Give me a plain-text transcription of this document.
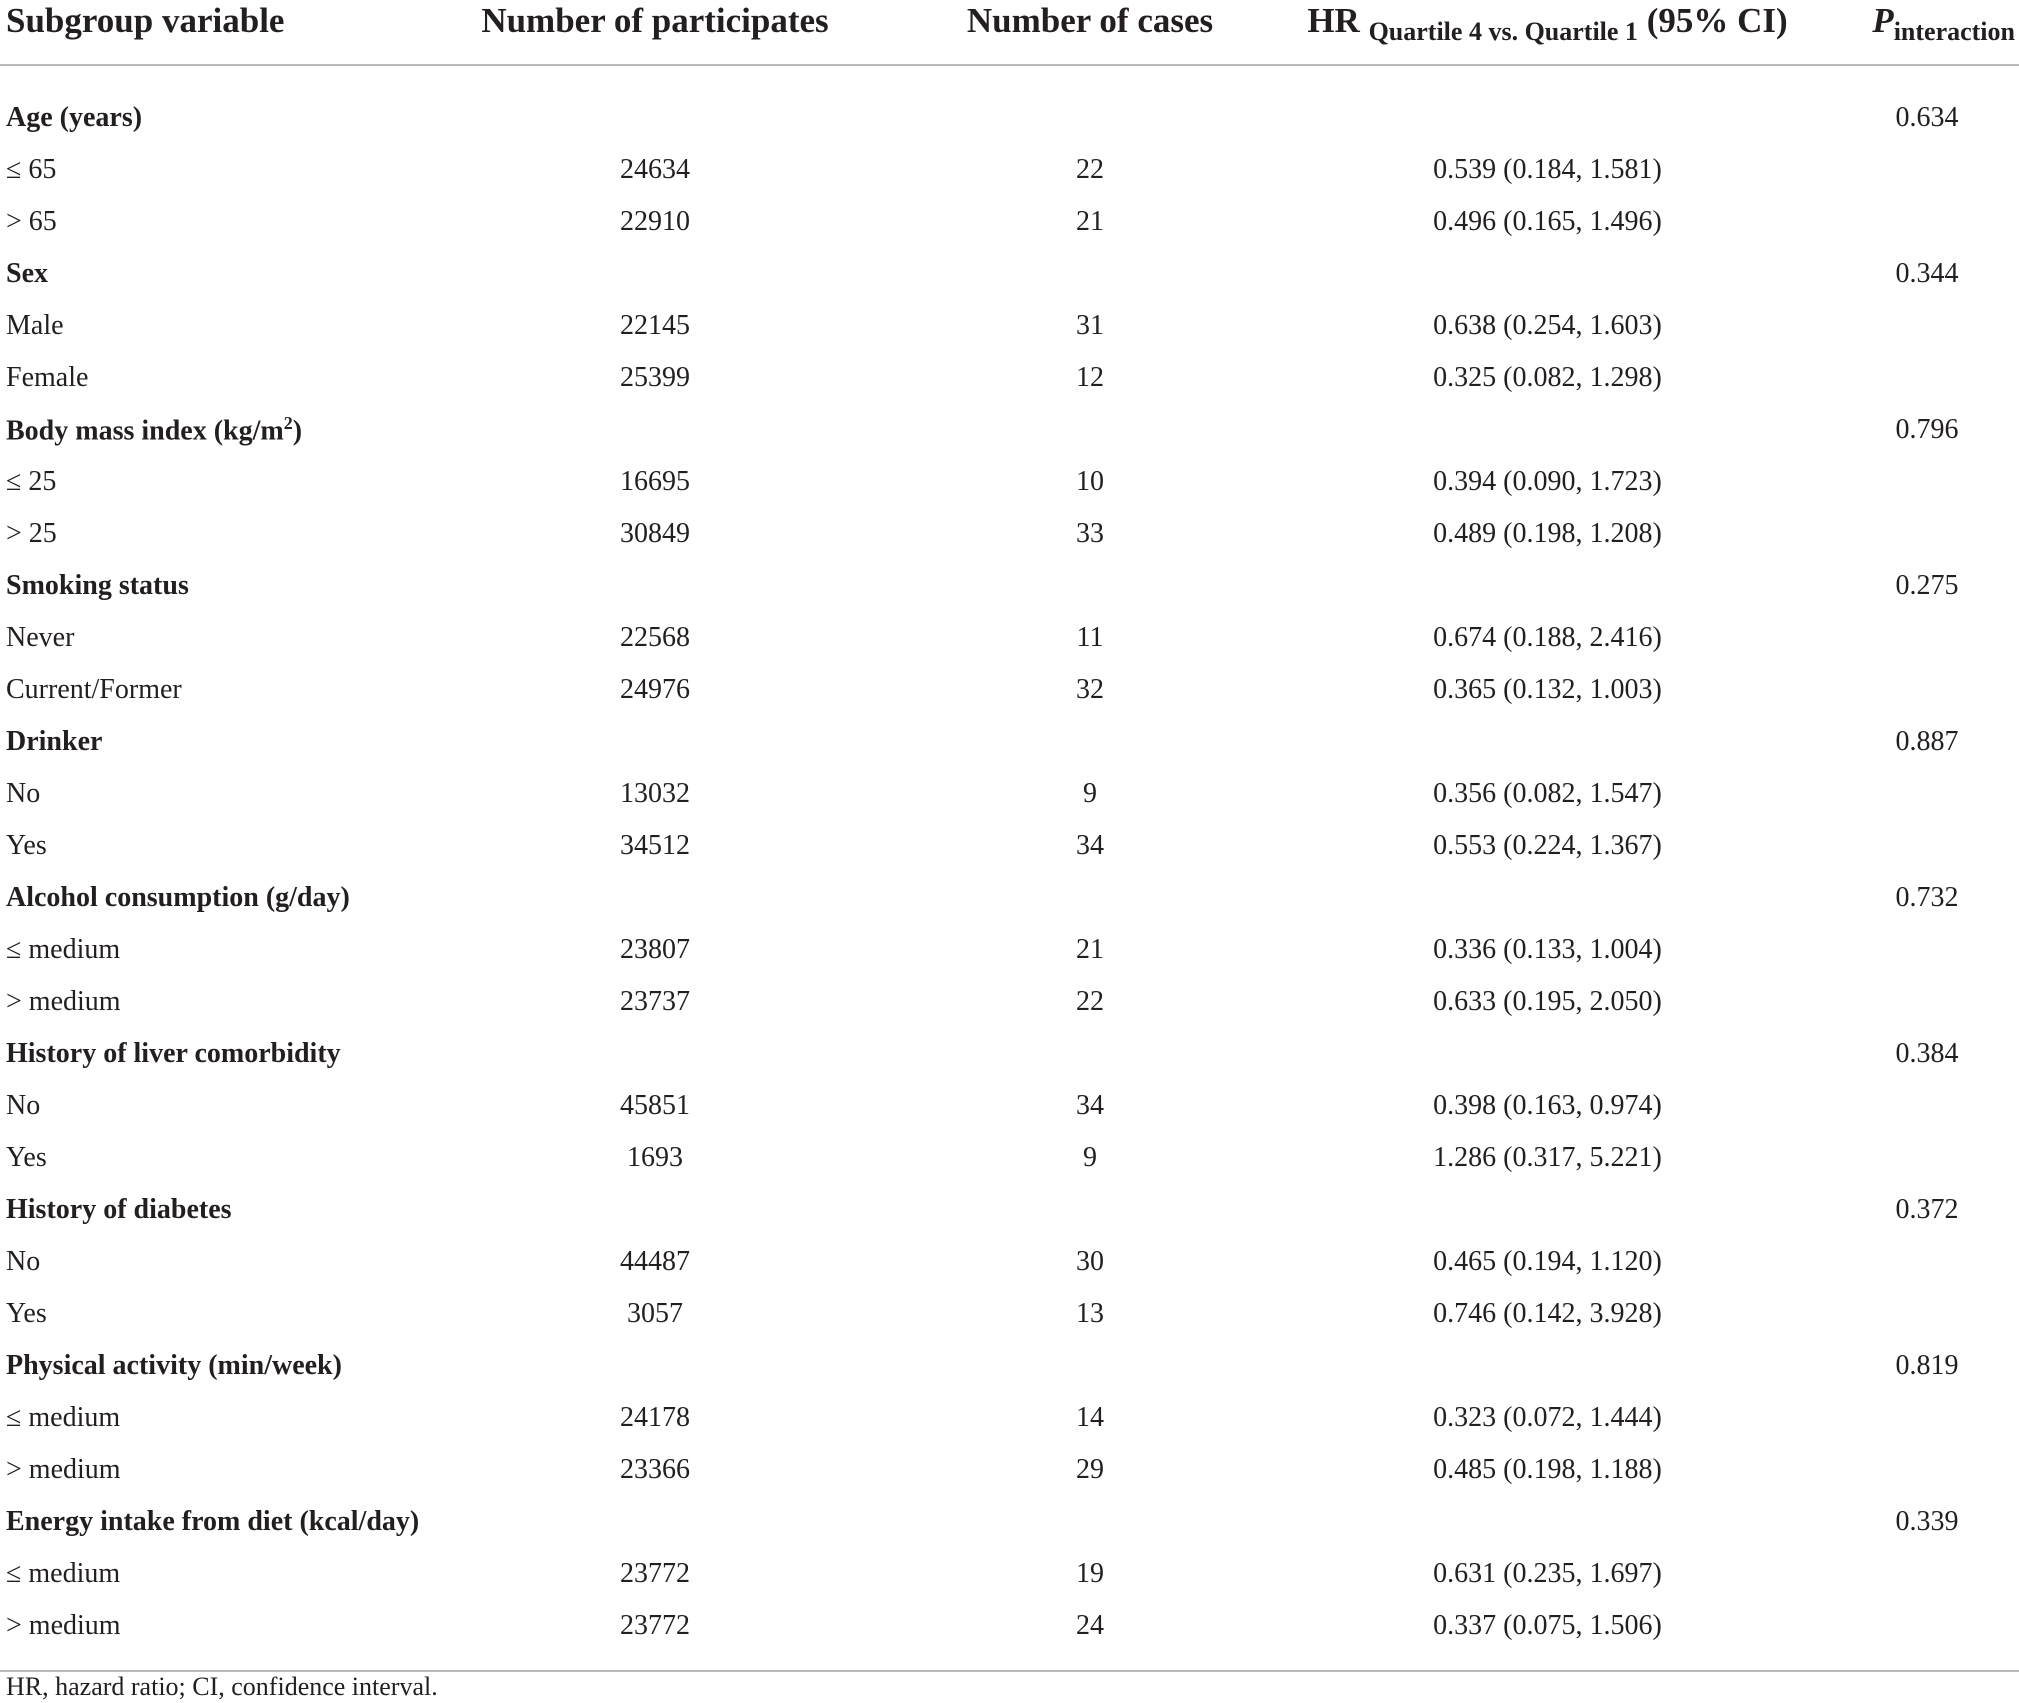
Subgroup variable	Number of participates	Number of cases	HR $_{Quartile 4 vs. Quartile 1}$ (95% CI)	$P_{interaction}$
Age (years)				0.634
≤ 65	24634	22	0.539 (0.184, 1.581)	
> 65	22910	21	0.496 (0.165, 1.496)	
Sex				0.344
Male	22145	31	0.638 (0.254, 1.603)	
Female	25399	12	0.325 (0.082, 1.298)	
Body mass index $(kg/m^2)$				0.796
≤ 25	16695	10	0.394 (0.090, 1.723)	
> 25	30849	33	0.489 (0.198, 1.208)	
Smoking status				0.275
Never	22568	11	0.674 (0.188, 2.416)	
Current/Former	24976	32	0.365 (0.132, 1.003)	
Drinker				0.887
No	13032	9	0.356 (0.082, 1.547)	
Yes	34512	34	0.553 (0.224, 1.367)	
Alcohol consumption (g/day)				0.732
≤ medium	23807	21	0.336 (0.133, 1.004)	
> medium	23737	22	0.633 (0.195, 2.050)	
History of liver comorbidity				0.384
No	45851	34	0.398 (0.163, 0.974)	
Yes	1693	9	1.286 (0.317, 5.221)	
History of diabetes				0.372
No	44487	30	0.465 (0.194, 1.120)	
Yes	3057	13	0.746 (0.142, 3.928)	
Physical activity (min/week)				0.819
≤ medium	24178	14	0.323 (0.072, 1.444)	
> medium	23366	29	0.485 (0.198, 1.188)	
Energy intake from diet (kcal/day)				0.339
≤ medium	23772	19	0.631 (0.235, 1.697)	
> medium	23772	24	0.337 (0.075, 1.506)	
HR, hazard ratio; CI, confidence interval.
